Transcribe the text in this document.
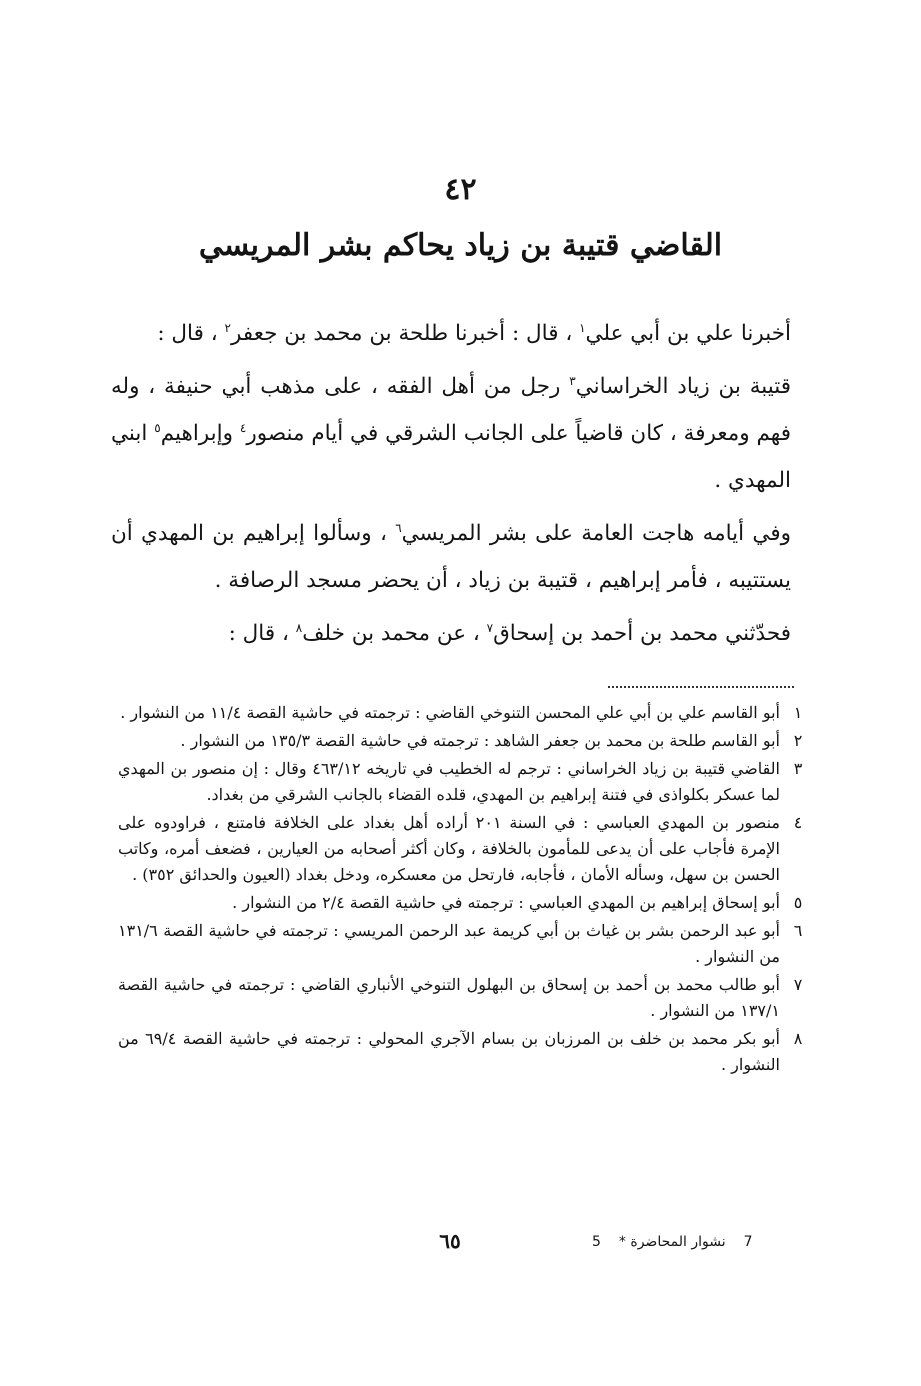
٤٢
القاضي قتيبة بن زياد يحاكم بشر المريسي

أخبرنا علي بن أبي علي$^١$ ، قال : أخبرنا طلحة بن محمد بن جعفر$^٢$ ، قال :

قتيبة بن زياد الخراساني$^٣$ رجل من أهل الفقه ، على مذهب أبي حنيفة ، وله فهم ومعرفة ، كان قاضياً على الجانب الشرقي في أيام منصور$^٤$ وإبراهيم$^٥$ ابني المهدي .

وفي أيامه هاجت العامة على بشر المريسي$^٦$ ، وسألوا إبراهيم بن المهدي أن يستتيبه ، فأمر إبراهيم ، قتيبة بن زياد ، أن يحضر مسجد الرصافة .

فحدّثني محمد بن أحمد بن إسحاق$^٧$ ، عن محمد بن خلف$^٨$ ، قال :

١
أبو القاسم علي بن أبي علي المحسن التنوخي القاضي : ترجمته في حاشية القصة ١١/٤ من النشوار .
٢
أبو القاسم طلحة بن محمد بن جعفر الشاهد : ترجمته في حاشية القصة ١٣٥/٣ من النشوار .
٣
القاضي قتيبة بن زياد الخراساني : ترجم له الخطيب في تاريخه ٤٦٣/١٢ وقال : إن منصور بن المهدي لما عسكر بكلواذى في فتنة إبراهيم بن المهدي، قلده القضاء بالجانب الشرقي من بغداد.
٤
منصور بن المهدي العباسي : في السنة ٢٠١ أراده أهل بغداد على الخلافة فامتنع ، فراودوه على الإمرة فأجاب على أن يدعى للمأمون بالخلافة ، وكان أكثر أصحابه من العيارين ، فضعف أمره، وكاتب الحسن بن سهل، وسأله الأمان ، فأجابه، فارتحل من معسكره، ودخل بغداد (العيون والحدائق ٣٥٢) .
٥
أبو إسحاق إبراهيم بن المهدي العباسي : ترجمته في حاشية القصة ٢/٤ من النشوار .
٦
أبو عبد الرحمن بشر بن غياث بن أبي كريمة عبد الرحمن المريسي : ترجمته في حاشية القصة ١٣١/٦ من النشوار .
٧
أبو طالب محمد بن أحمد بن إسحاق بن البهلول التنوخي الأنباري القاضي : ترجمته في حاشية القصة ١٣٧/١ من النشوار .
٨
أبو بكر محمد بن خلف بن المرزبان بن بسام الآجري المحولي : ترجمته في حاشية القصة ٦٩/٤ من النشوار .
٦٥	5 نشوار المحاضرة * 7
